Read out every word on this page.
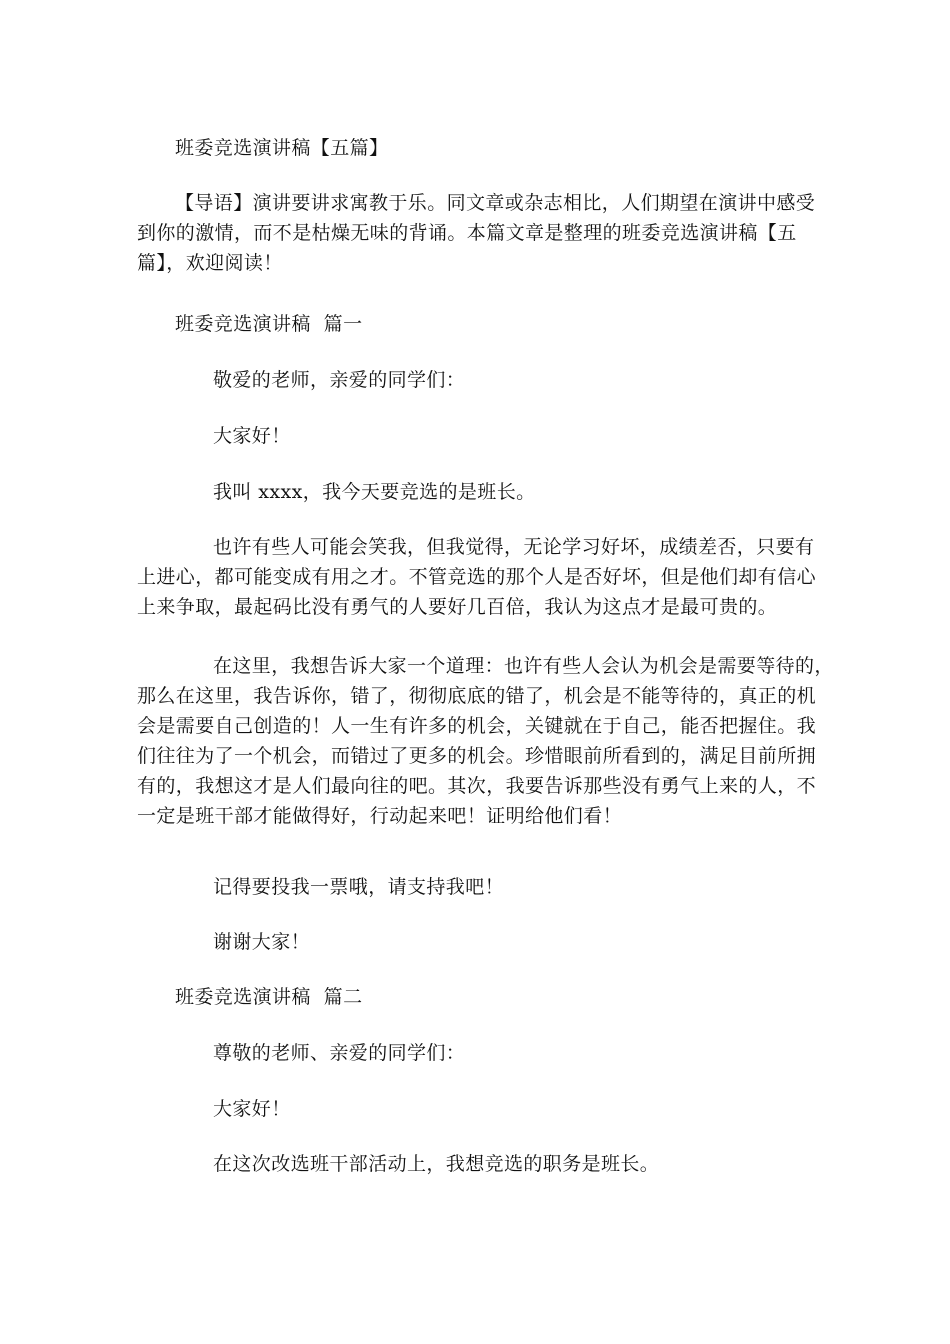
班委竞选演讲稿【五篇】
【导语】演讲要讲求寓教于乐。同文章或杂志相比，人们期望在演讲中感受
到你的激情，而不是枯燥无味的背诵。本篇文章是整理的班委竞选演讲稿【五
篇】，欢迎阅读！
班委竞选演讲稿  篇一
敬爱的老师，亲爱的同学们：
大家好！
我叫 xxxx，我今天要竞选的是班长。
也许有些人可能会笑我，但我觉得，无论学习好坏，成绩差否，只要有
上进心，都可能变成有用之才。不管竞选的那个人是否好坏，但是他们却有信心
上来争取，最起码比没有勇气的人要好几百倍，我认为这点才是最可贵的。
在这里，我想告诉大家一个道理：也许有些人会认为机会是需要等待的，
那么在这里，我告诉你，错了，彻彻底底的错了，机会是不能等待的，真正的机
会是需要自己创造的！人一生有许多的机会，关键就在于自己，能否把握住。我
们往往为了一个机会，而错过了更多的机会。珍惜眼前所看到的，满足目前所拥
有的，我想这才是人们最向往的吧。其次，我要告诉那些没有勇气上来的人，不
一定是班干部才能做得好，行动起来吧！证明给他们看！
记得要投我一票哦，请支持我吧！
谢谢大家！
班委竞选演讲稿  篇二
尊敬的老师、亲爱的同学们：
大家好！
在这次改选班干部活动上，我想竞选的职务是班长。
